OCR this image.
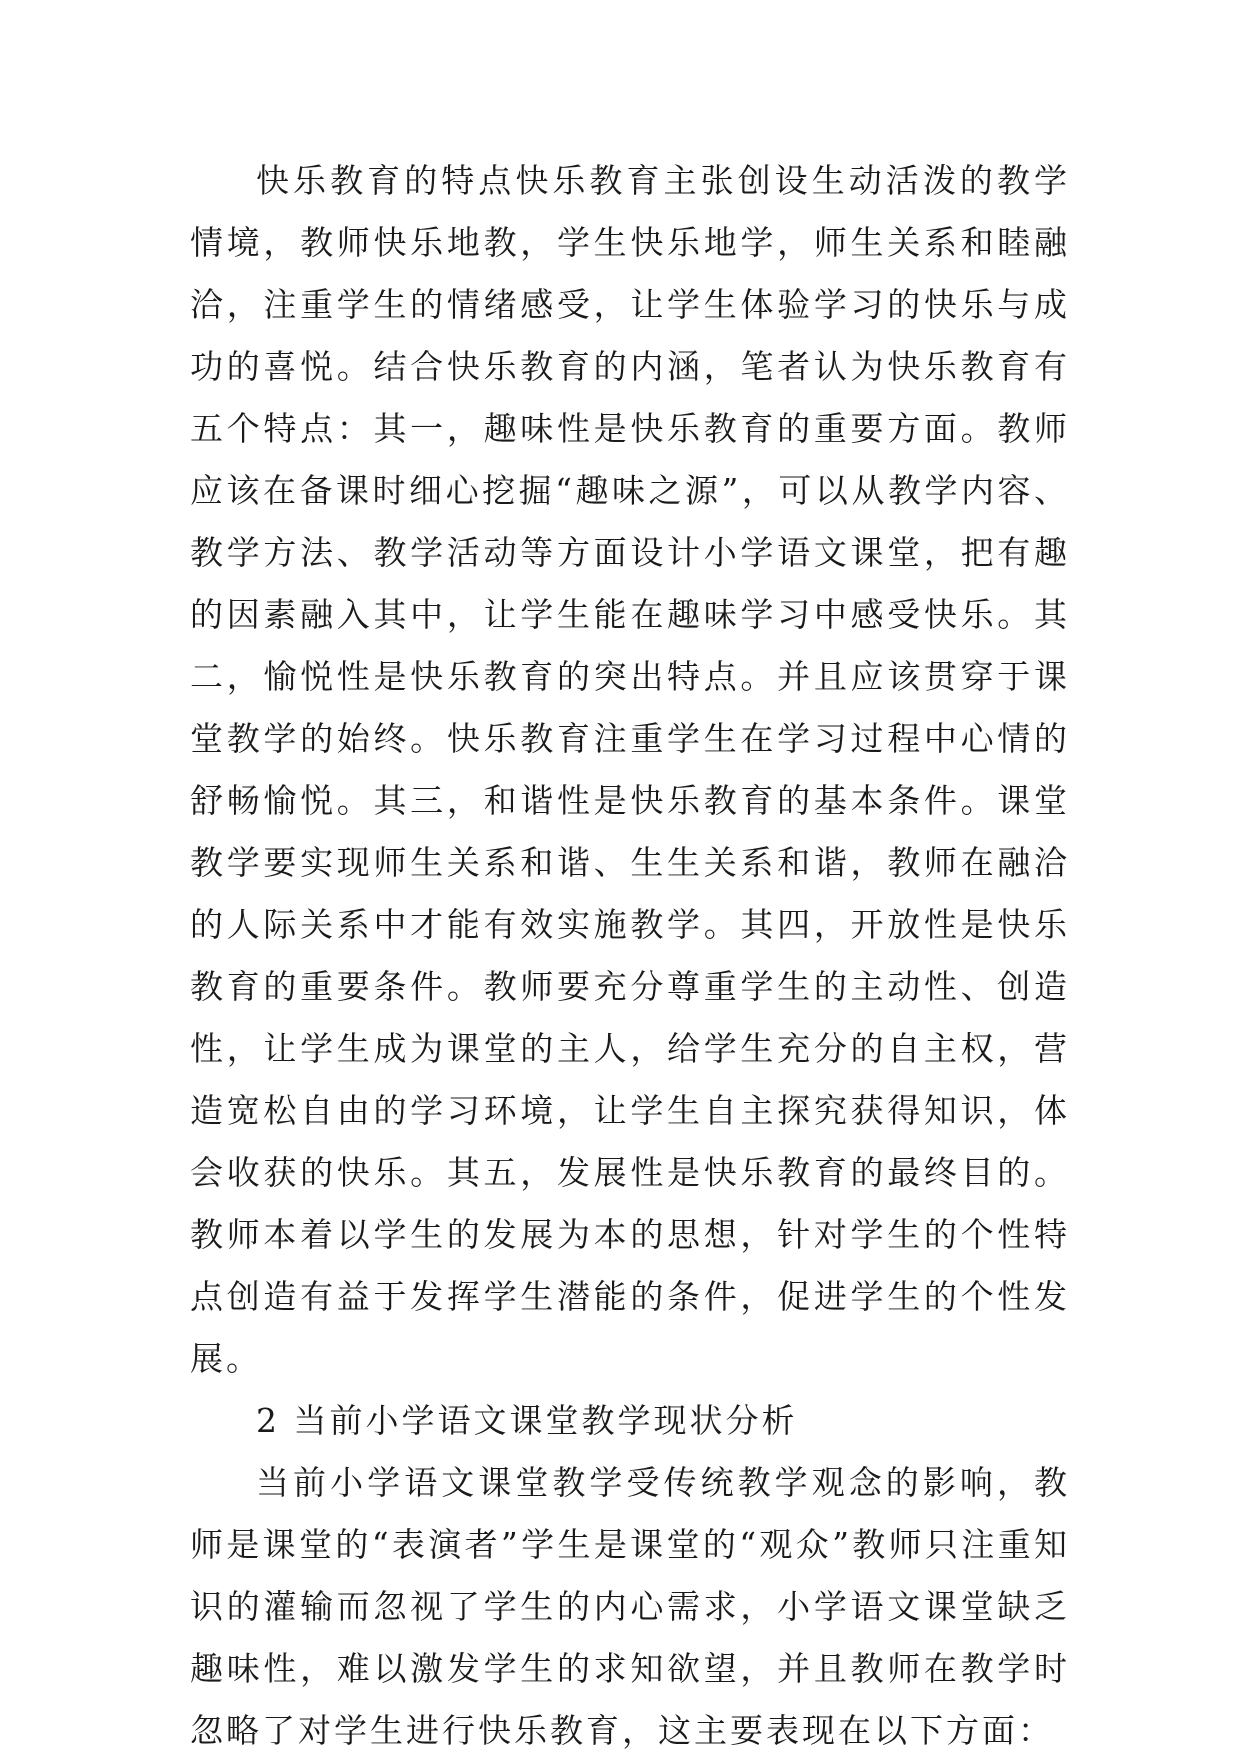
快乐教育的特点快乐教育主张创设生动活泼的教学情境，教师快乐地教，学生快乐地学，师生关系和睦融洽，注重学生的情绪感受，让学生体验学习的快乐与成功的喜悦。结合快乐教育的内涵，笔者认为快乐教育有五个特点：其一，趣味性是快乐教育的重要方面。教师应该在备课时细心挖掘“趣味之源”，可以从教学内容、教学方法、教学活动等方面设计小学语文课堂，把有趣的因素融入其中，让学生能在趣味学习中感受快乐。其二，愉悦性是快乐教育的突出特点。并且应该贯穿于课堂教学的始终。快乐教育注重学生在学习过程中心情的舒畅愉悦。其三，和谐性是快乐教育的基本条件。课堂教学要实现师生关系和谐、生生关系和谐，教师在融洽的人际关系中才能有效实施教学。其四，开放性是快乐教育的重要条件。教师要充分尊重学生的主动性、创造性，让学生成为课堂的主人，给学生充分的自主权，营造宽松自由的学习环境，让学生自主探究获得知识，体会收获的快乐。其五，发展性是快乐教育的最终目的。教师本着以学生的发展为本的思想，针对学生的个性特点创造有益于发挥学生潜能的条件，促进学生的个性发展。

2 当前小学语文课堂教学现状分析

当前小学语文课堂教学受传统教学观念的影响，教师是课堂的“表演者”学生是课堂的“观众”教师只注重知识的灌输而忽视了学生的内心需求，小学语文课堂缺乏趣味性，难以激发学生的求知欲望，并且教师在教学时忽略了对学生进行快乐教育，这主要表现在以下方面：
